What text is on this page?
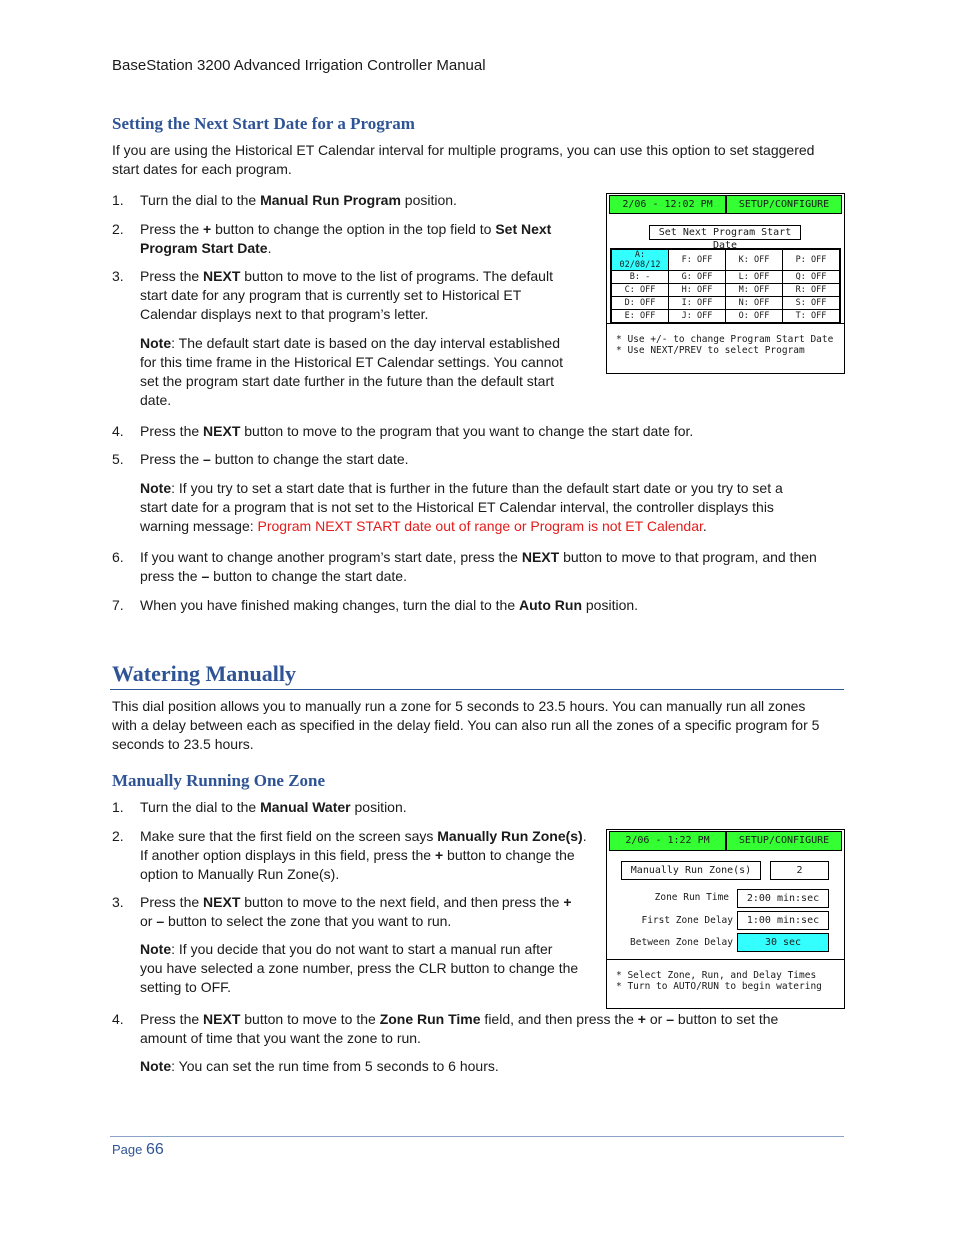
BaseStation 3200 Advanced Irrigation Controller Manual
Setting the Next Start Date for a Program

If you are using the Historical ET Calendar interval for multiple programs, you can use this option to set staggered start dates for each program.

1. Turn the dial to the Manual Run Program position.
2. Press the + button to change the option in the top field to Set Next
Program Start Date.
3. Press the NEXT button to move to the list of programs. The default
start date for any program that is currently set to Historical ET
Calendar displays next to that program’s letter.
Note: The default start date is based on the day interval established
for this time frame in the Historical ET Calendar settings. You cannot
set the program start date further in the future than the default start
date.
4. Press the NEXT button to move to the program that you want to change the start date for.
5. Press the – button to change the start date.
Note: If you try to set a start date that is further in the future than the default start date or you try to set a
start date for a program that is not set to the Historical ET Calendar interval, the controller displays this
warning message: Program NEXT START date out of range or Program is not ET Calendar.
6. If you want to change another program’s start date, press the NEXT button to move to that program, and then
press the – button to change the start date.
7. When you have finished making changes, turn the dial to the Auto Run position.
2/06 - 12:02 PM	SETUP/CONFIGURE
Set Next Program Start Date
A: 02/08/12	F: OFF	K: OFF	P: OFF
B: -	G: OFF	L: OFF	Q: OFF
C: OFF	H: OFF	M: OFF	R: OFF
D: OFF	I: OFF	N: OFF	S: OFF
E: OFF	J: OFF	O: OFF	T: OFF
* Use +/- to change Program Start Date
* Use NEXT/PREV to select Program
Watering Manually
This dial position allows you to manually run a zone for 5 seconds to 23.5 hours. You can manually run all zones
with a delay between each as specified in the delay field. You can also run all the zones of a specific program for 5
seconds to 23.5 hours.
Manually Running One Zone
1. Turn the dial to the Manual Water position.
2. Make sure that the first field on the screen says Manually Run Zone(s).
If another option displays in this field, press the + button to change the
option to Manually Run Zone(s).
3. Press the NEXT button to move to the next field, and then press the +
or – button to select the zone that you want to run.
Note: If you decide that you do not want to start a manual run after
you have selected a zone number, press the CLR button to change the
setting to OFF.
4. Press the NEXT button to move to the Zone Run Time field, and then press the + or – button to set the
amount of time that you want the zone to run.
Note: You can set the run time from 5 seconds to 6 hours.
2/06 - 1:22 PM	SETUP/CONFIGURE
Manually Run Zone(s)	2
Zone Run Time	2:00 min:sec
First Zone Delay	1:00 min:sec
Between Zone Delay	30 sec
* Select Zone, Run, and Delay Times
* Turn to AUTO/RUN to begin watering
Page 66
